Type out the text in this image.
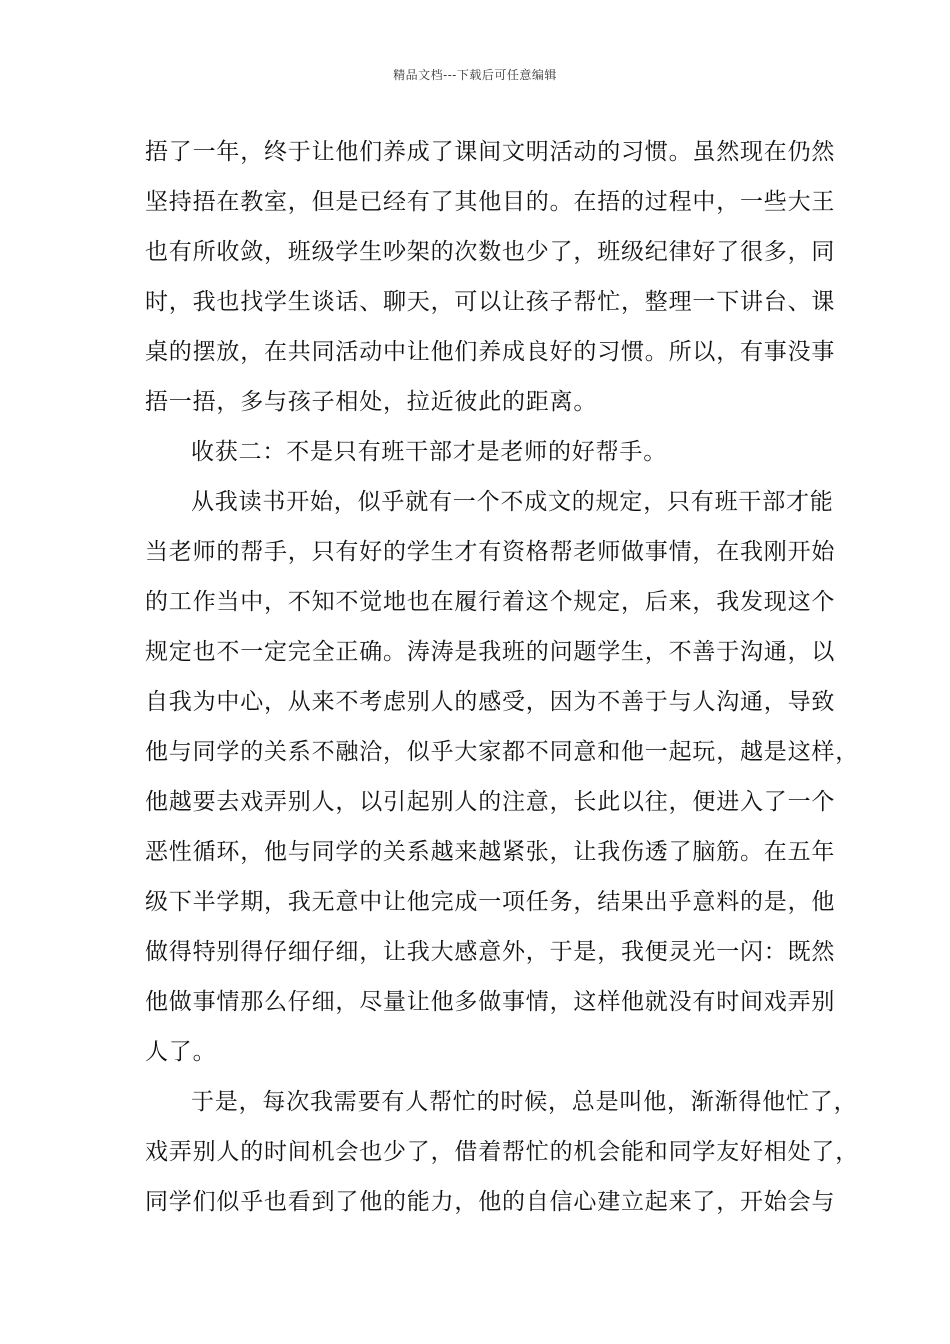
精品文档---下载后可任意编辑
捂了一年，终于让他们养成了课间文明活动的习惯。虽然现在仍然
坚持捂在教室，但是已经有了其他目的。在捂的过程中，一些大王
也有所收敛，班级学生吵架的次数也少了，班级纪律好了很多，同
时，我也找学生谈话、聊天，可以让孩子帮忙，整理一下讲台、课
桌的摆放，在共同活动中让他们养成良好的习惯。所以，有事没事
捂一捂，多与孩子相处，拉近彼此的距离。
收获二：不是只有班干部才是老师的好帮手。
从我读书开始，似乎就有一个不成文的规定，只有班干部才能
当老师的帮手，只有好的学生才有资格帮老师做事情，在我刚开始
的工作当中，不知不觉地也在履行着这个规定，后来，我发现这个
规定也不一定完全正确。涛涛是我班的问题学生，不善于沟通，以
自我为中心，从来不考虑别人的感受，因为不善于与人沟通，导致
他与同学的关系不融洽，似乎大家都不同意和他一起玩，越是这样，
他越要去戏弄别人，以引起别人的注意，长此以往，便进入了一个
恶性循环，他与同学的关系越来越紧张，让我伤透了脑筋。在五年
级下半学期，我无意中让他完成一项任务，结果出乎意料的是，他
做得特别得仔细仔细，让我大感意外，于是，我便灵光一闪：既然
他做事情那么仔细，尽量让他多做事情，这样他就没有时间戏弄别
人了。
于是，每次我需要有人帮忙的时候，总是叫他，渐渐得他忙了，
戏弄别人的时间机会也少了，借着帮忙的机会能和同学友好相处了，
同学们似乎也看到了他的能力，他的自信心建立起来了，开始会与
